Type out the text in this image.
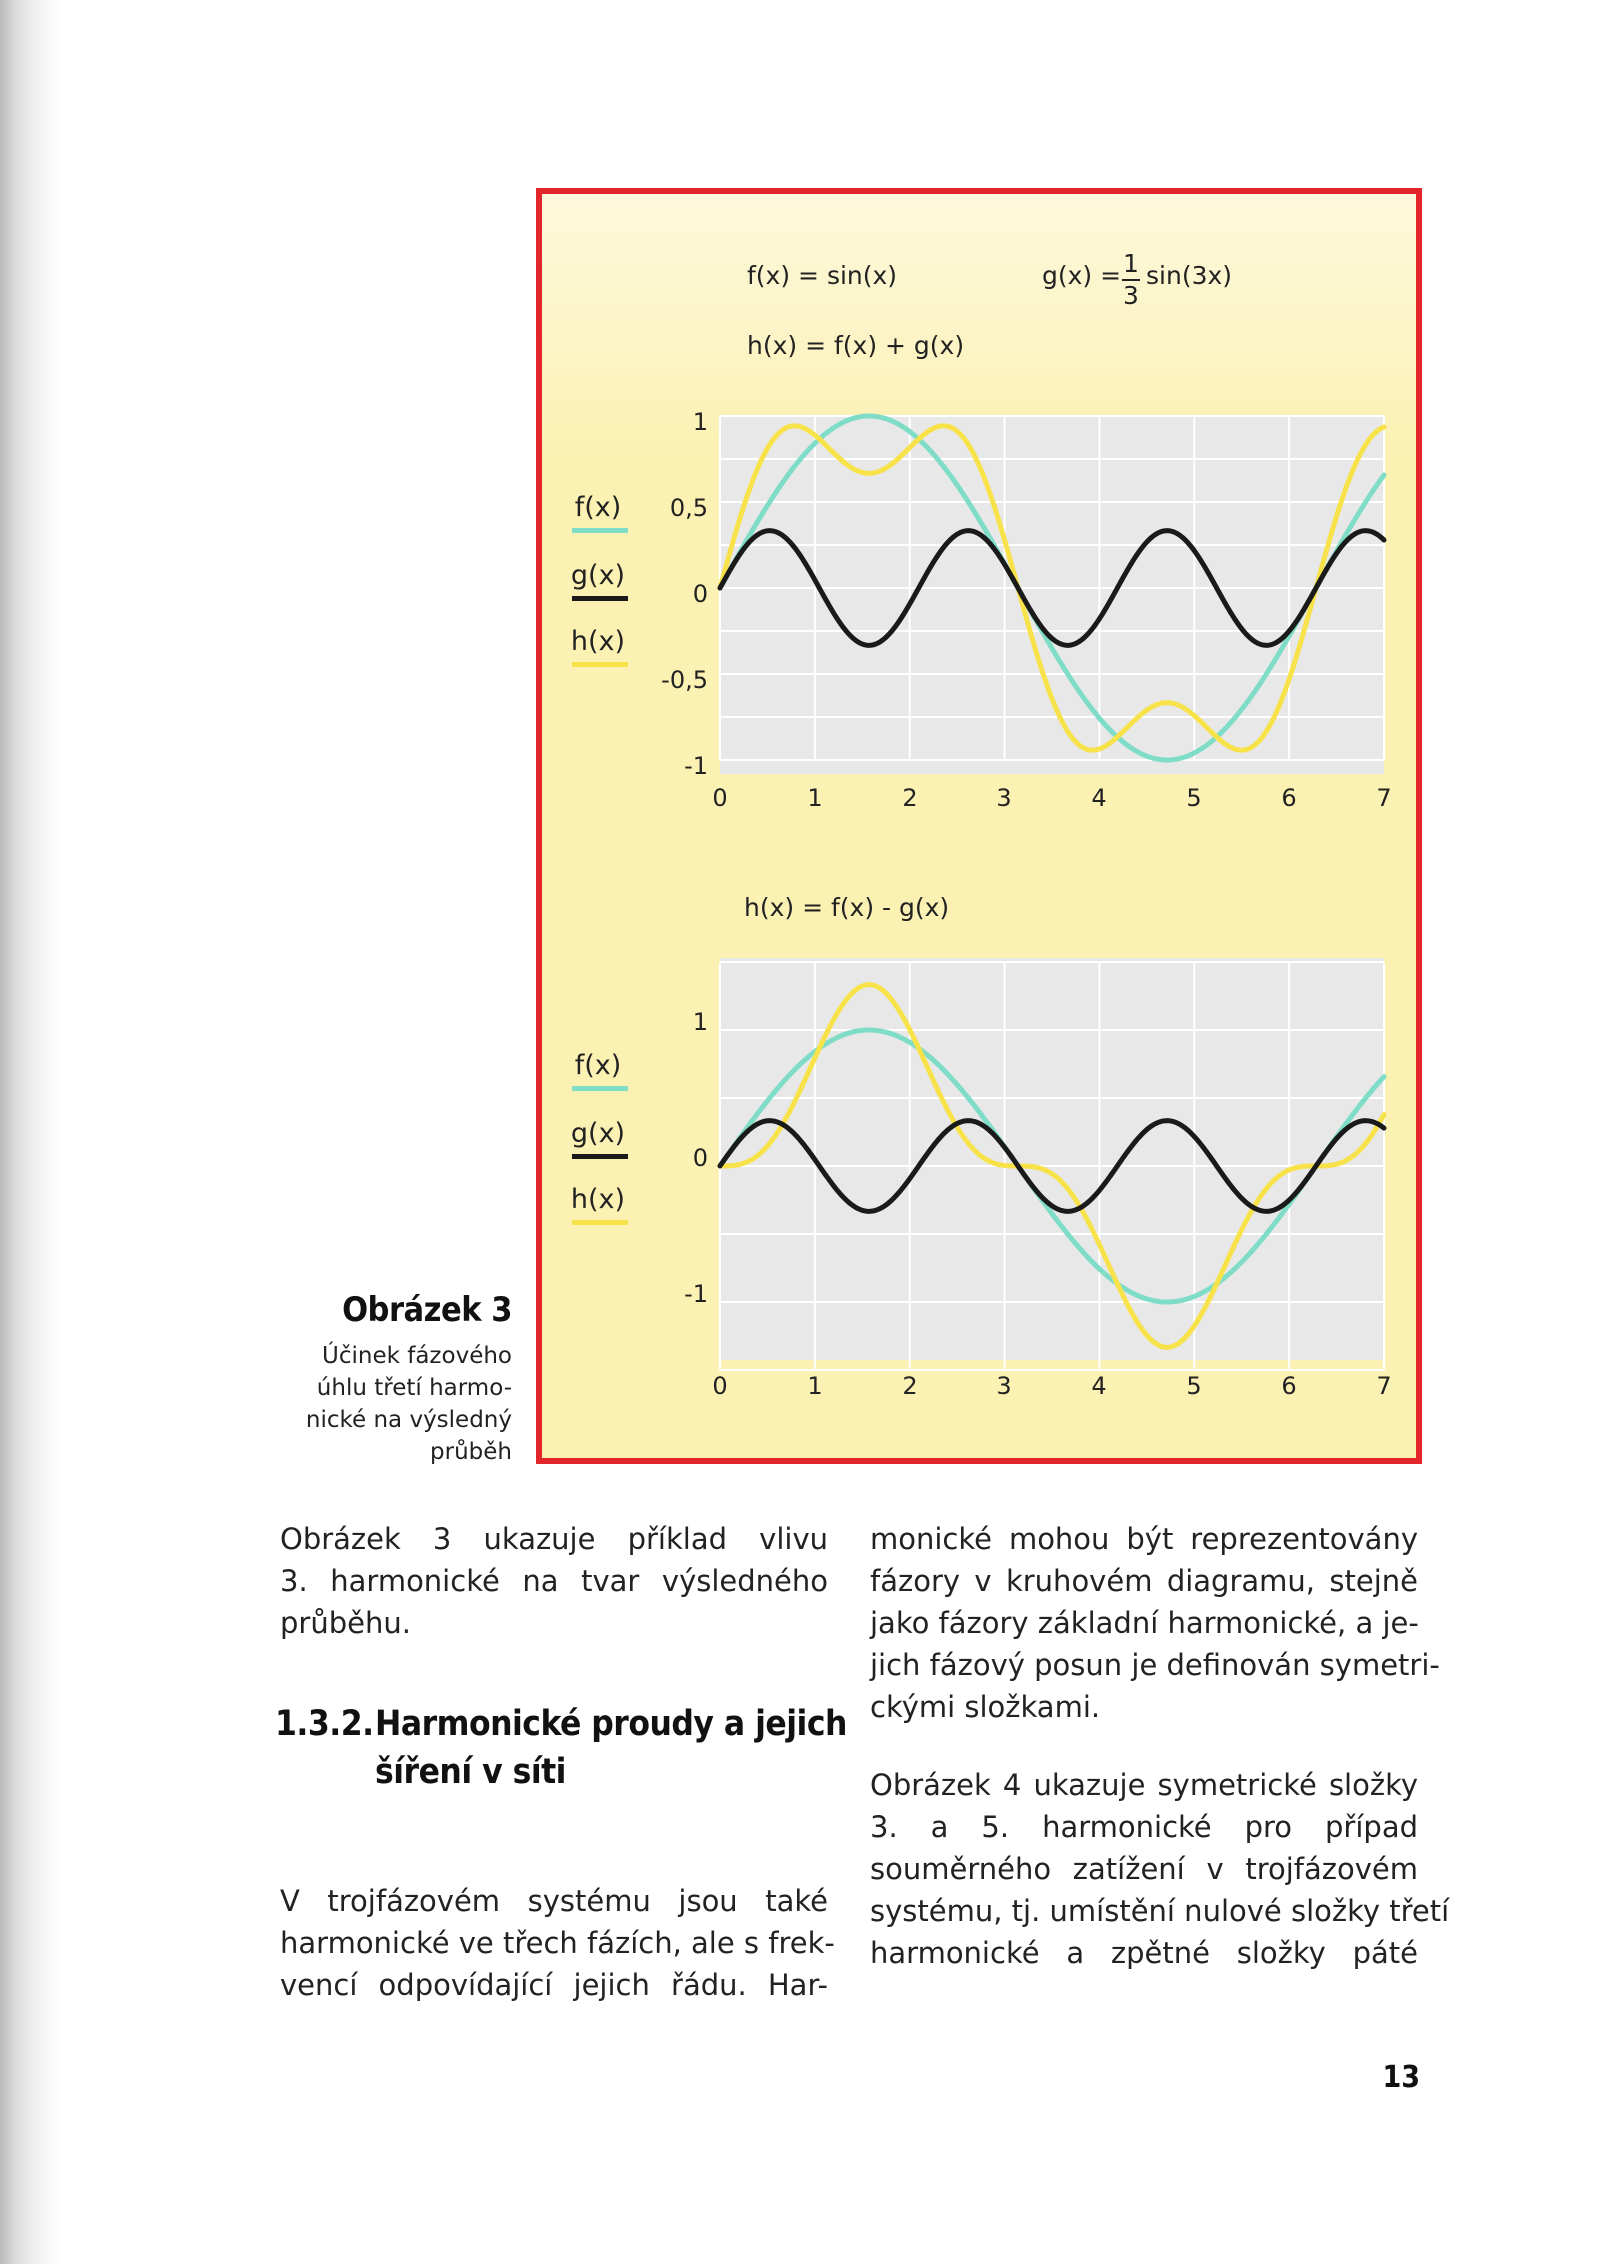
f(x) = sin(x)	g(x) = 1
3
sin(3x)
h(x) = f(x) + g(x)
h(x) = f(x) - g(x)
1
0,5
0
-0,5
-1
0	1	2	3	4	5	6	7
f(x)
g(x)
h(x)
1
0
-1
0	1	2	3	4	5	6	7
f(x)
g(x)
h(x)
Obrázek 3
Účinek fázového
úhlu třetí harmo-
nické na výsledný
průběh
Obrázek 3 ukazuje příklad vlivu
3. harmonické na tvar výsledného
průběhu.
1.3.2.Harmonické proudy a jejich
šíření v síti
V trojfázovém systému jsou také
harmonické ve třech fázích, ale s frek-
vencí odpovídající jejich řádu. Har-
monické mohou být reprezentovány
fázory v kruhovém diagramu, stejně
jako fázory základní harmonické, a je-
jich fázový posun je definován symetri-
ckými složkami.
Obrázek 4 ukazuje symetrické složky
3. a 5. harmonické pro případ
souměrného zatížení v trojfázovém
systému, tj. umístění nulové složky třetí
harmonické a zpětné složky páté
13
